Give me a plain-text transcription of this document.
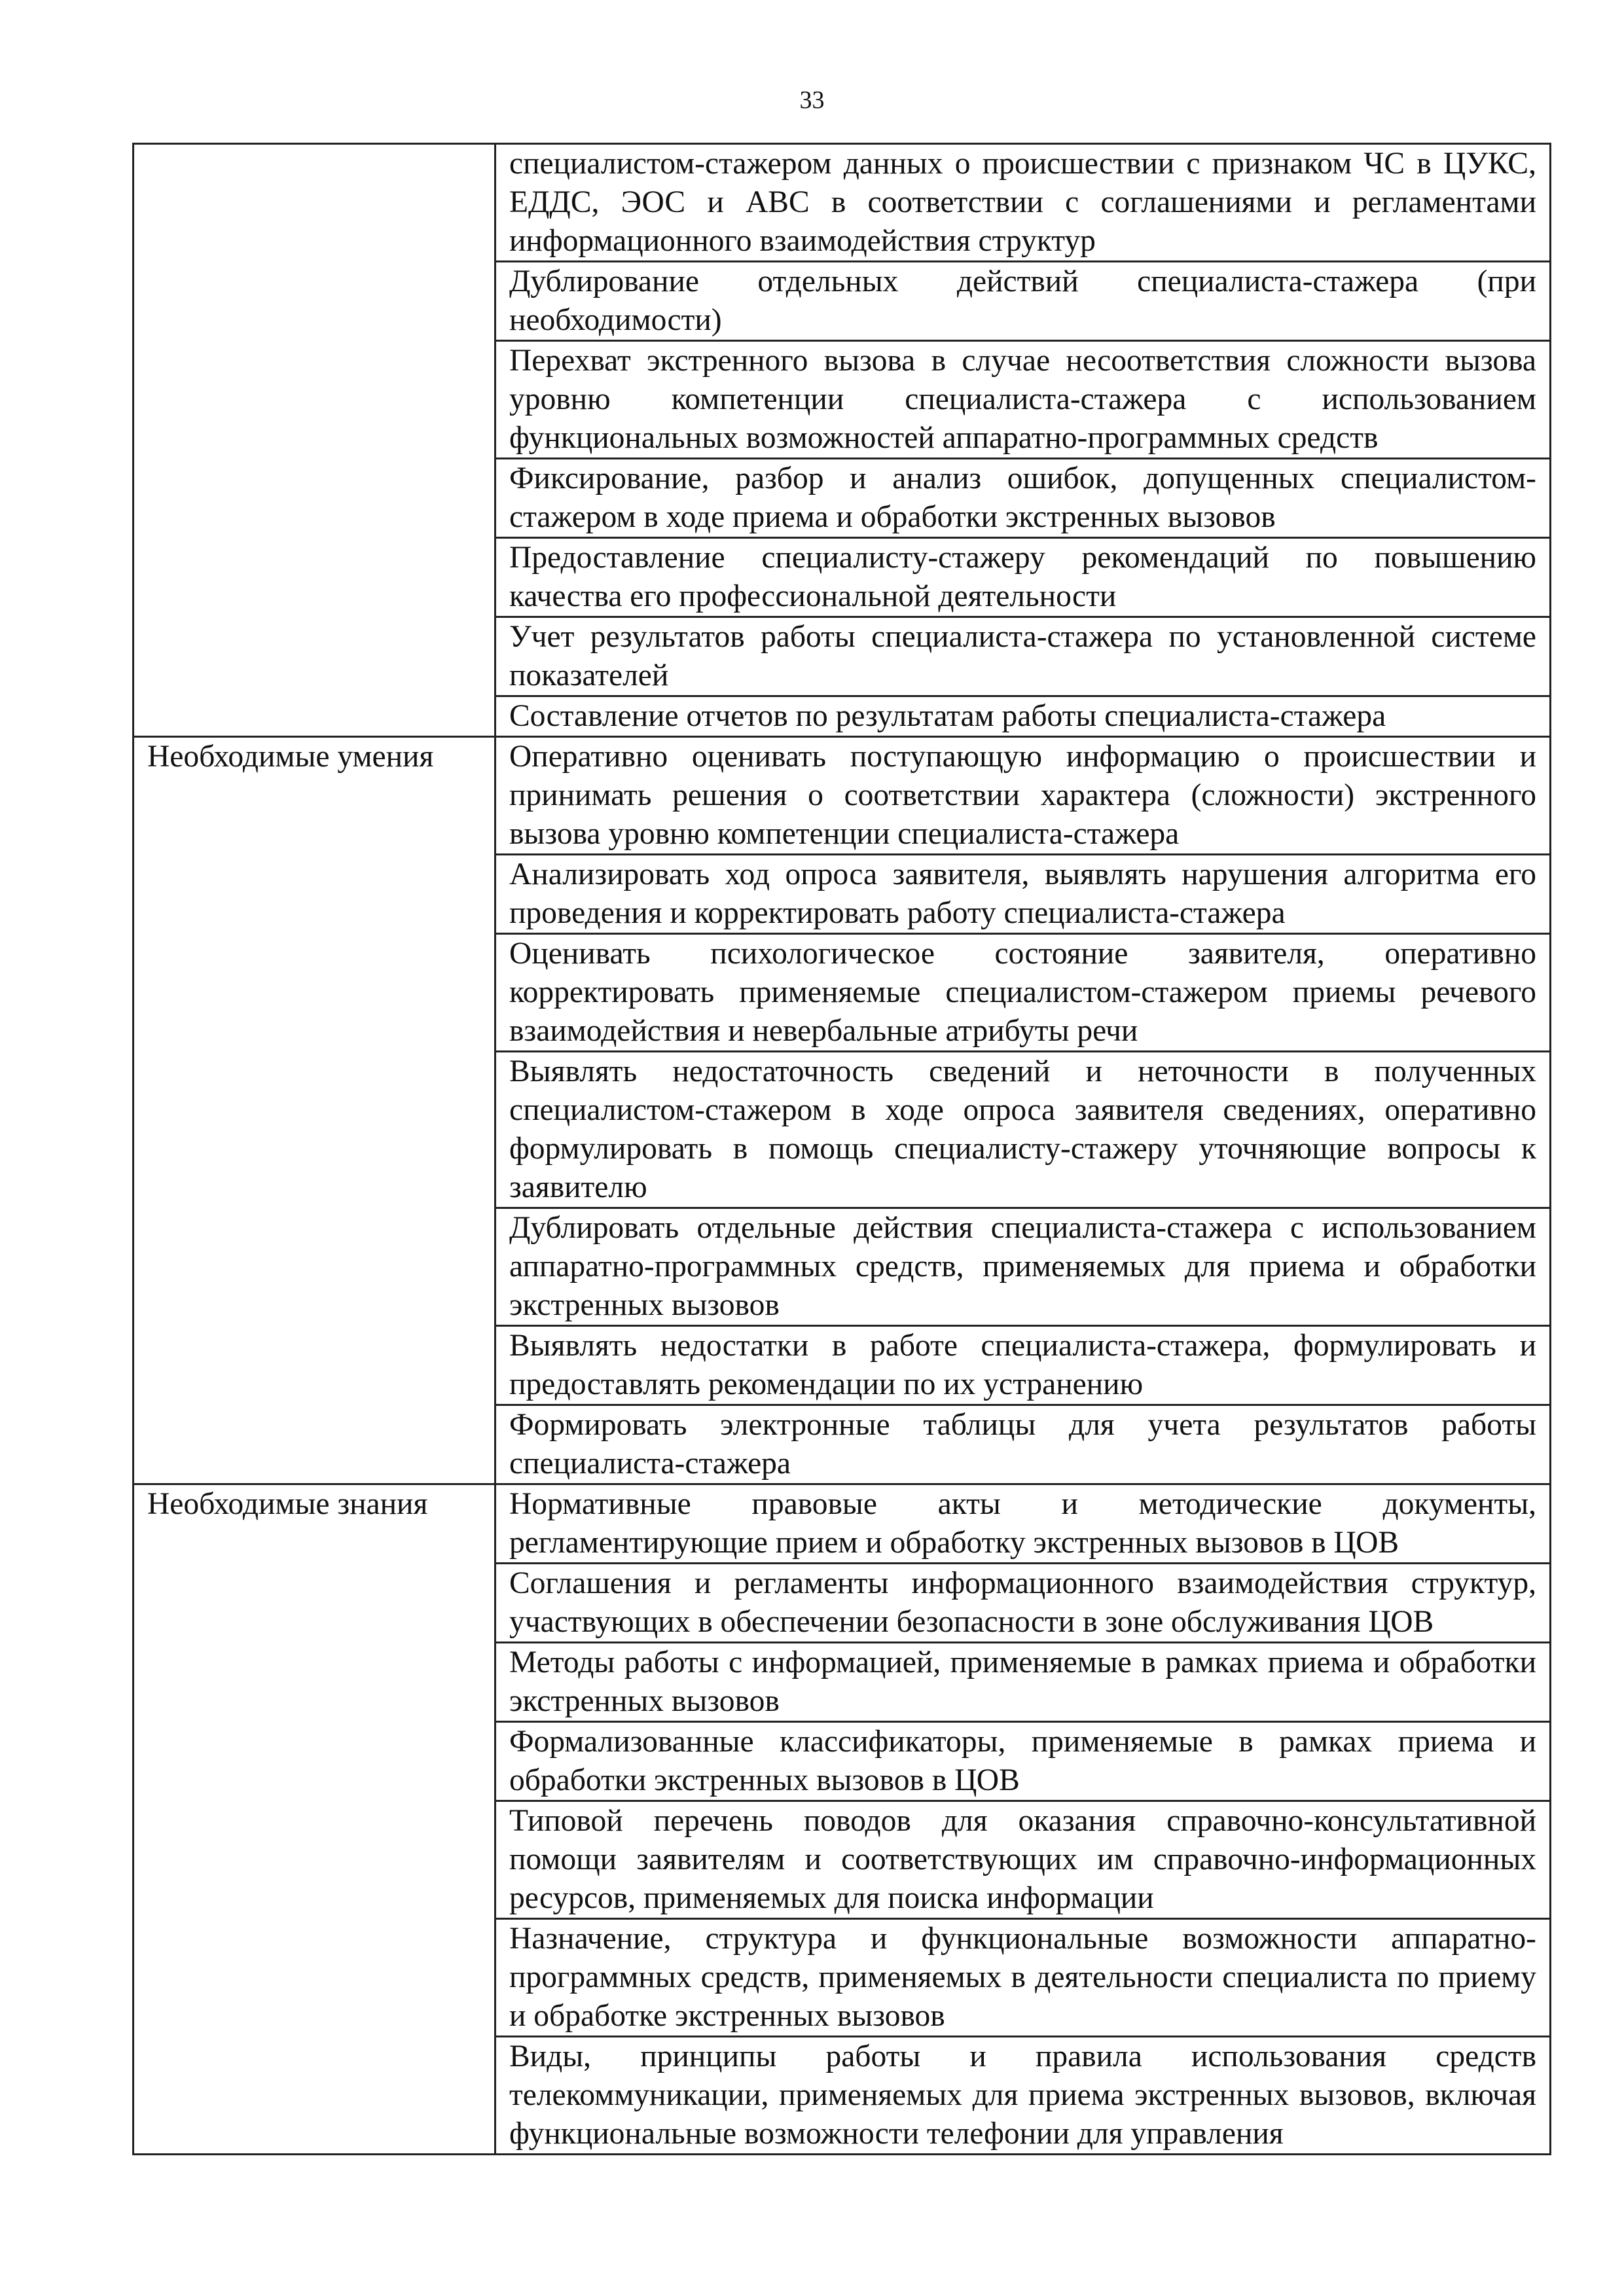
33

	специалистом-стажером данных о происшествии с признаком ЧС в ЦУКС, ЕДДС, ЭОС и АВС в соответствии с соглашениями и регламентами информационного взаимодействия структур

	Дублирование отдельных действий специалиста-стажера (при необходимости)

	Перехват экстренного вызова в случае несоответствия сложности вызова уровню компетенции специалиста-стажера с использованием функциональных возможностей аппаратно-программных средств

	Фиксирование, разбор и анализ ошибок, допущенных специалистом-стажером в ходе приема и обработки экстренных вызовов

	Предоставление специалисту-стажеру рекомендаций по повышению качества его профессиональной деятельности

	Учет результатов работы специалиста-стажера по установленной системе показателей

	Составление отчетов по результатам работы специалиста-стажера

Необходимые умения	Оперативно оценивать поступающую информацию о происшествии и принимать решения о соответствии характера (сложности) экстренного вызова уровню компетенции специалиста-стажера

	Анализировать ход опроса заявителя, выявлять нарушения алгоритма его проведения и корректировать работу специалиста-стажера

	Оценивать психологическое состояние заявителя, оперативно корректировать применяемые специалистом-стажером приемы речевого взаимодействия и невербальные атрибуты речи

	Выявлять недостаточность сведений и неточности в полученных специалистом-стажером в ходе опроса заявителя сведениях, оперативно формулировать в помощь специалисту-стажеру уточняющие вопросы к заявителю

	Дублировать отдельные действия специалиста-стажера с использованием аппаратно-программных средств, применяемых для приема и обработки экстренных вызовов

	Выявлять недостатки в работе специалиста-стажера, формулировать и предоставлять рекомендации по их устранению

	Формировать электронные таблицы для учета результатов работы специалиста-стажера

Необходимые знания	Нормативные правовые акты и методические документы, регламентирующие прием и обработку экстренных вызовов в ЦОВ

	Соглашения и регламенты информационного взаимодействия структур, участвующих в обеспечении безопасности в зоне обслуживания ЦОВ

	Методы работы с информацией, применяемые в рамках приема и обработки экстренных вызовов

	Формализованные классификаторы, применяемые в рамках приема и обработки экстренных вызовов в ЦОВ

	Типовой перечень поводов для оказания справочно-консультативной помощи заявителям и соответствующих им справочно-информационных ресурсов, применяемых для поиска информации

	Назначение, структура и функциональные возможности аппаратно-программных средств, применяемых в деятельности специалиста по приему и обработке экстренных вызовов

	Виды, принципы работы и правила использования средств телекоммуникации, применяемых для приема экстренных вызовов, включая функциональные возможности телефонии для управления
